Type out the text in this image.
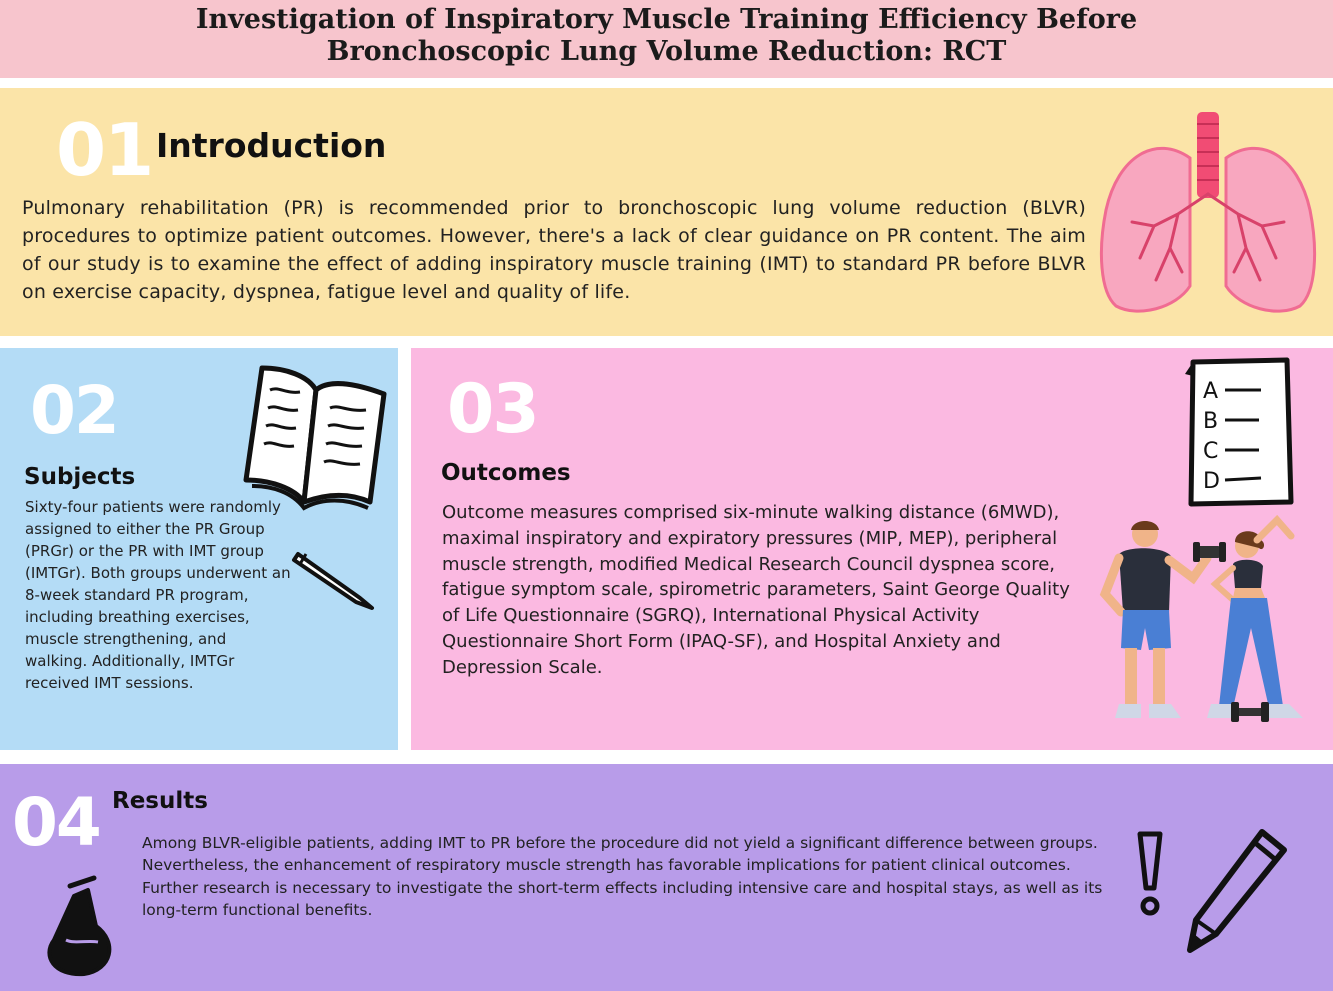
Investigation of Inspiratory Muscle Training Efficiency Before
Bronchoscopic Lung Volume Reduction: RCT
01 Introduction
Pulmonary rehabilitation (PR) is recommended prior to bronchoscopic lung volume reduction (BLVR) procedures to optimize patient outcomes. However, there's a lack of clear guidance on PR content. The aim of our study is to examine the effect of adding inspiratory muscle training (IMT) to standard PR before BLVR on exercise capacity, dyspnea, fatigue level and quality of life.
02
Subjects
Sixty-four patients were randomly assigned to either the PR Group (PRGr) or the PR with IMT group (IMTGr). Both groups underwent an 8-week standard PR program, including breathing exercises, muscle strengthening, and walking. Additionally, IMTGr received IMT sessions.
03
Outcomes
Outcome measures comprised six-minute walking distance (6MWD), maximal inspiratory and expiratory pressures (MIP, MEP), peripheral muscle strength, modified Medical Research Council dyspnea score, fatigue symptom scale, spirometric parameters, Saint George Quality of Life Questionnaire (SGRQ), International Physical Activity Questionnaire Short Form (IPAQ-SF), and Hospital Anxiety and Depression Scale.
A
B
C
D
04 Results
Among BLVR-eligible patients, adding IMT to PR before the procedure did not yield a significant difference between groups. Nevertheless, the enhancement of respiratory muscle strength has favorable implications for patient clinical outcomes. Further research is necessary to investigate the short-term effects including intensive care and hospital stays, as well as its long-term functional benefits.
